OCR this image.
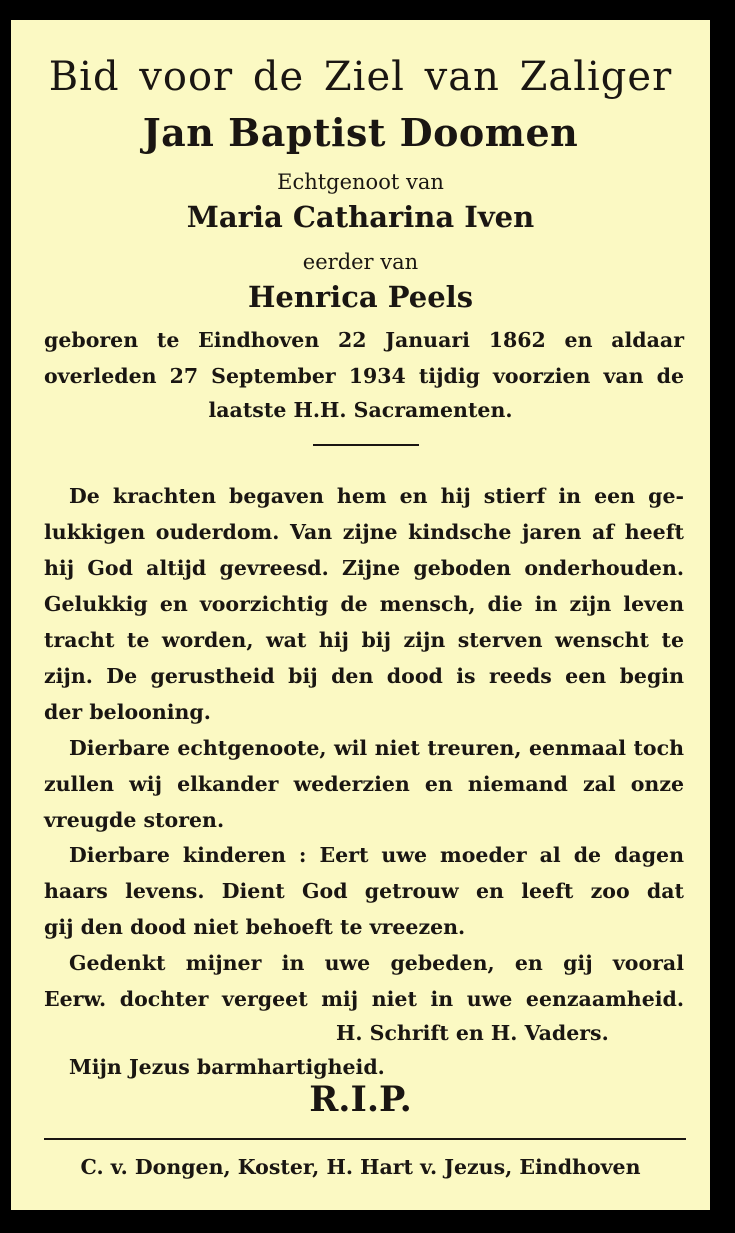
Bid voor de Ziel van Zaliger
Jan Baptist Doomen
Echtgenoot van
Maria Catharina Iven
eerder van
Henrica Peels
geboren te Eindhoven 22 Januari 1862 en aldaar
overleden 27 September 1934 tijdig voorzien van de
laatste H.H. Sacramenten.
De krachten begaven hem en hij stierf in een ge-
lukkigen ouderdom. Van zijne kindsche jaren af heeft
hij God altijd gevreesd. Zijne geboden onderhouden.
Gelukkig en voorzichtig de mensch, die in zijn leven
tracht te worden, wat hij bij zijn sterven wenscht te
zijn. De gerustheid bij den dood is reeds een begin
der belooning.
Dierbare echtgenoote, wil niet treuren, eenmaal toch
zullen wij elkander wederzien en niemand zal onze
vreugde storen.
Dierbare kinderen : Eert uwe moeder al de dagen
haars levens. Dient God getrouw en leeft zoo dat
gij den dood niet behoeft te vreezen.
Gedenkt mijner in uwe gebeden, en gij vooral
Eerw. dochter vergeet mij niet in uwe eenzaamheid.
H. Schrift en H. Vaders.
Mijn Jezus barmhartigheid.
R.I.P.
C. v. Dongen, Koster, H. Hart v. Jezus, Eindhoven
